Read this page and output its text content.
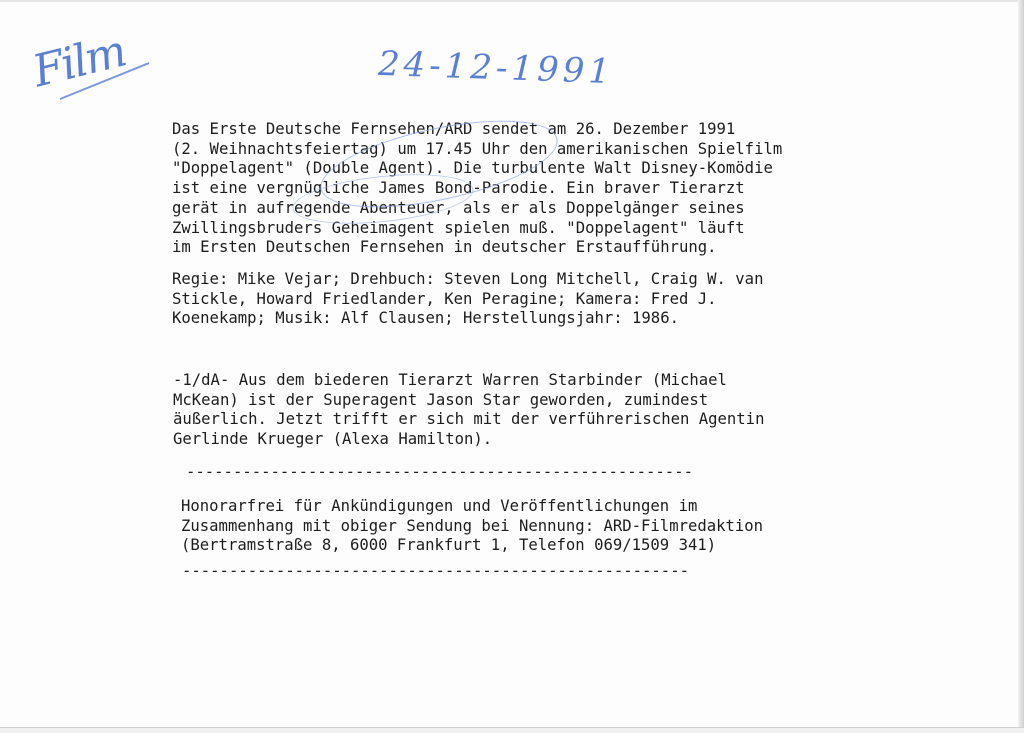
Film	24-12-1991
Das Erste Deutsche Fernsehen/ARD sendet am 26. Dezember 1991
(2. Weihnachtsfeiertag) um 17.45 Uhr den amerikanischen Spielfilm
"Doppelagent" (Double Agent). Die turbulente Walt Disney-Komödie
ist eine vergnügliche James Bond-Parodie. Ein braver Tierarzt
gerät in aufregende Abenteuer, als er als Doppelgänger seines
Zwillingsbruders Geheimagent spielen muß. "Doppelagent" läuft
im Ersten Deutschen Fernsehen in deutscher Erstaufführung.
Regie: Mike Vejar; Drehbuch: Steven Long Mitchell, Craig W. van
Stickle, Howard Friedlander, Ken Peragine; Kamera: Fred J.
Koenekamp; Musik: Alf Clausen; Herstellungsjahr: 1986.
-1/dA- Aus dem biederen Tierarzt Warren Starbinder (Michael
McKean) ist der Superagent Jason Star geworden, zumindest
äußerlich. Jetzt trifft er sich mit der verführerischen Agentin
Gerlinde Krueger (Alexa Hamilton).
------------------------------------------------------
Honorarfrei für Ankündigungen und Veröffentlichungen im
Zusammenhang mit obiger Sendung bei Nennung: ARD-Filmredaktion
(Bertramstraße 8, 6000 Frankfurt 1, Telefon 069/1509 341)
------------------------------------------------------
